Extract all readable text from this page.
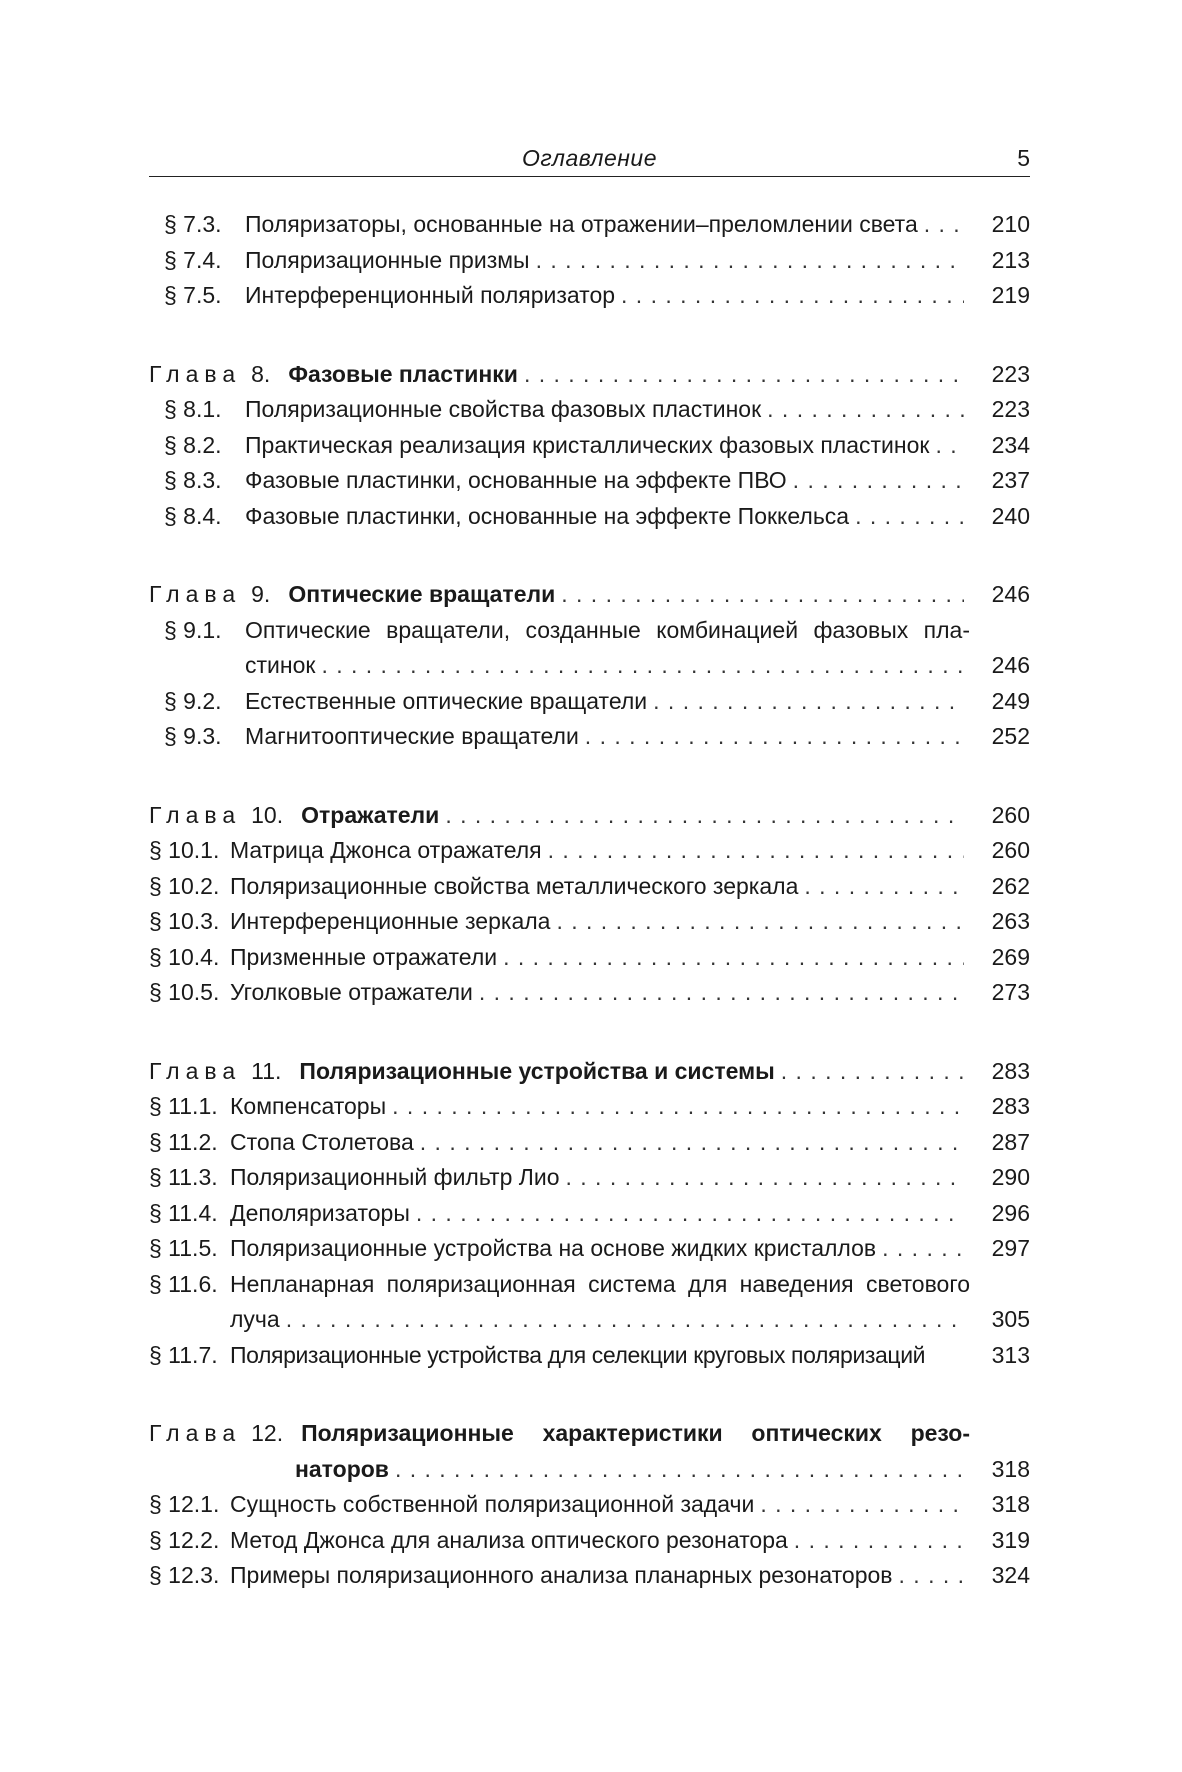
Оглавление	5
§ 7.3.	Поляризаторы, основанные на отражении–преломлении света . . .	210
§ 7.4.	Поляризационные призмы . . .	213
§ 7.5.	Интерференционный поляризатор . . .	219
Глава 8. Фазовые пластинки . . .	223
§ 8.1.	Поляризационные свойства фазовых пластинок . . .	223
§ 8.2.	Практическая реализация кристаллических фазовых пластинок . . .	234
§ 8.3.	Фазовые пластинки, основанные на эффекте ПВО . . .	237
§ 8.4.	Фазовые пластинки, основанные на эффекте Поккельса . . .	240
Глава 9. Оптические вращатели . . .	246
§ 9.1.	Оптические вращатели, созданные комбинацией фазовых пла-
стинок . . .	246
§ 9.2.	Естественные оптические вращатели . . .	249
§ 9.3.	Магнитооптические вращатели . . .	252
Глава 10. Отражатели . . .	260
§ 10.1. Матрица Джонса отражателя . . .	260
§ 10.2. Поляризационные свойства металлического зеркала . . .	262
§ 10.3. Интерференционные зеркала . . .	263
§ 10.4. Призменные отражатели . . .	269
§ 10.5. Уголковые отражатели . . .	273
Глава 11. Поляризационные устройства и системы . . .	283
§ 11.1. Компенсаторы . . .	283
§ 11.2. Стопа Столетова . . .	287
§ 11.3. Поляризационный фильтр Лио . . .	290
§ 11.4. Деполяризаторы . . .	296
§ 11.5. Поляризационные устройства на основе жидких кристаллов . . .	297
§ 11.6. Непланарная поляризационная система для наведения светового
луча . . .	305
§ 11.7. Поляризационные устройства для селекции круговых поляризаций	313
Глава 12. Поляризационные характеристики оптических резо-
наторов . . .	318
§ 12.1. Сущность собственной поляризационной задачи . . .	318
§ 12.2. Метод Джонса для анализа оптического резонатора . . .	319
§ 12.3. Примеры поляризационного анализа планарных резонаторов . . .	324
